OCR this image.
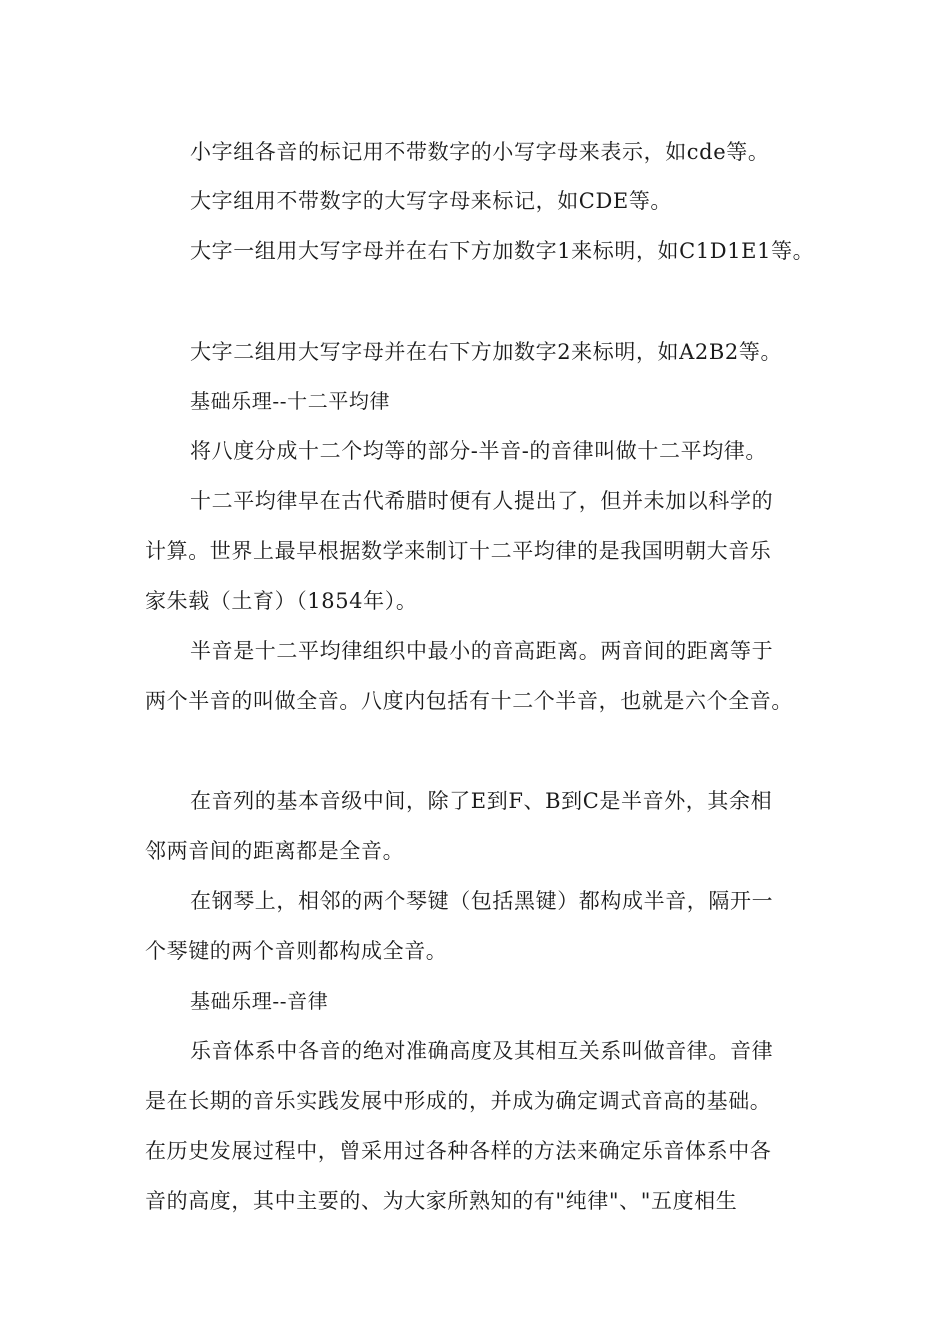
小字组各音的标记用不带数字的小写字母来表示，如cde等。

大字组用不带数字的大写字母来标记，如CDE等。

大字一组用大写字母并在右下方加数字1来标明，如C1D1E1等。

大字二组用大写字母并在右下方加数字2来标明，如A2B2等。

基础乐理--十二平均律

将八度分成十二个均等的部分-半音-的音律叫做十二平均律。

十二平均律早在古代希腊时便有人提出了，但并未加以科学的

计算。世界上最早根据数学来制订十二平均律的是我国明朝大音乐

家朱载（土育）（1854年）。

半音是十二平均律组织中最小的音高距离。两音间的距离等于

两个半音的叫做全音。八度内包括有十二个半音，也就是六个全音。

在音列的基本音级中间，除了E到F、B到C是半音外，其余相

邻两音间的距离都是全音。

在钢琴上，相邻的两个琴键（包括黑键）都构成半音，隔开一

个琴键的两个音则都构成全音。

基础乐理--音律

乐音体系中各音的绝对准确高度及其相互关系叫做音律。音律

是在长期的音乐实践发展中形成的，并成为确定调式音高的基础。

在历史发展过程中，曾采用过各种各样的方法来确定乐音体系中各

音的高度，其中主要的、为大家所熟知的有"纯律"、"五度相生
